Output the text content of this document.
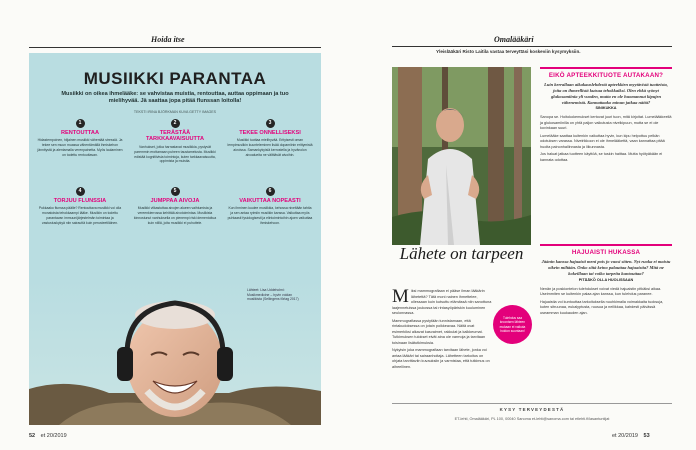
Hoida itse
MUSIIKKI PARANTAA
Musiikki on oikea ihmelääke: se vahvistaa muistia, rentouttaa, auttaa oppimaan ja tuo mielihyvää. Jä saattaa jopa pitää flunssan loitolla!
TEKSTI IRINA BJÖRKMAN KUVA GETTY IMAGES
1
RENTOUTTAA
Hidastempoinen, hiljainen musiikki vähentää stressiä. Ja tekee sen muun muassa vähentämällä ihmiskehon jännitystä ja alentamalla verenpainetta. Myös laulaminen on todettu rentouttavan.
2
TERÄSTÄÄ TARKKAAVAISUUTTA
Vanhukset, jotka harrastavat musiikkia, pystyvät paremmin erottamaan puheen taustamelusta. Musiikki edistää kognitiivisia toimintoja, kuten tarkkaavaisuutta, oppimista ja muistia.
3
TEKEE ONNELLISEKSI
Musiikki tuottaa mielihyvää. Erityisesti oman lempimusiikin kuunteleminen lisää dopamiinin erittymistä aivoissa. Samankykyisiä kerrostella ja hyvänolon aivoalueita ne välittävät aivoihin.
4
TORJUU FLUNSSIA
Pukkaako flunssa päälle? Rentouttava musiikki voi olla monatoista tehokkaampi lääke. Musiikin on todettu parantavan immuunijärjestelmän toimintaa ja vastustuskykyä niin sairauttä kuin perusteetiläinen.
5
JUMPPAA AIVOJA
Musiikki vilkastuttaa aivojen alueen vaihtumista ja vereenkierrossa kehittää aivotoimintaa. Musiikista kinnostunut vanhuksella on pienempi riski dementoitua kuin niillä, joita musiikki ei puhuttele.
6
VAIKUTTAA NOPEASTI
Kun ihminen kuulee musiikkia, kehossa niveltään tahtia ja sen antaa rytmiin musiikin kanssa. Vaikuttaa myös puhtaasti fysiologisesti ja elintoimintoihin ajoen vaikuttaa ihmiskehoon.
Lähteet: Lisa Uddeholmi: Musikmedicine – hyvin voidan musiikista (Sellingens förlag 2017)
52 et 20/2019
Omalääkäri
Yleislääkäri Risto Laitila vastaa terveyttäsi koskeviin kysymyksiin.
Lähete on tarpeen

Miksi mammografiaan ei pääse ilman lääkärin lähetettä? Tätä moni nainen ihmettelee, ollessaan kuin kutsuttu elämässä niin sanottuna laajennetuissa joukossa tai rintasyöpäriskin kuuluminen seulonnassa.

Mammografiassa pystytään tunnistamaan, että rintakudoksessa on jotain poikkeavaa. Näitä ovat esimerkiksi alkavat kasvaimet, rakkulat ja kalkkeumat. Tutkimuksen tulokset eivät aina ole varmoja ja tarvitaan toisinaan lisätutkimuksia.

Nykyisin joka mammografiaan tarvitaan lähete, jonka voi antaa lääkäri tai sairaanhoitaja. Lähetteen tarkoitus on ohjata tarvittaviin kuvauksiin ja varmistaa, että tutkimus on aiheellinen.

Tulehdus saa kroonisen lähteen mukaan ei vaikuta hoidon suuntaan!
EIKÖ APTEEKKITUOTE AUTAKAAN?
Luin kerrallaan aikakauslehdestä apteekkien myytävistä tuotteista, joita on ihmeellistä kutsua tehokkaiksi. Olen ehkä syönyt glukosamiinia yli vuoden, mutta en ole huomannut kipujen vähenemistä. Kannattaako minun jatkaa näitä?
SINIKUKKA

Sanopa se. Hoitokokemukset kertovat juuri tuon, mitä kirjoitat. Lumelääkkeellä ja glukosamiinilla on yhtä paljon vaikutusta nivelkipuun, mutta se ei ole kovinkaan suuri.

Lumelääke saattaa kuitenkin vaikuttaa hyvin, kun kipu helpottuu pelkän odotuksen varassa. Nivelrikkoon ei ole ihmelääkettä, vaan kannattaa pitää huolta painonhallinnasta ja liikunnasta.

Jos haluat jatkaa tuotteen käyttöä, se tuskin haittaa. Mutta hyötyäkään ei kannata odottaa.

HAJUAISTI HUKASSA
Jäänin kanssa hajuaisti meni pois jo vuosi sitten. Nyt ruoka ei maistu oikein miltään. Onko siitä keino palauttaa hajuaistia? Mitä ne kokeillaan tai voiko tarpeita kuntouttaa?
PITÄÄKÖ OLLA HUOLISSAAN

Nenän ja poskiontelon tulehdukset voivat viedä hajuaistin pitkäksi aikaa. Useimmiten se kuitenkin palaa ajan kanssa, kun tulehdus paranee.

Hajuaistia voi kuntouttaa tarkoituksella nuuhkimalla voimakkaita tuoksuja, kuten sitruunaa, eukalyptusta, ruusua ja neilikkaa, kahdesti päivässä useamman kuukauden ajan.

KYSY TERVEYDESTÄ
ET-lehti, Omalääkäri, PL 100, 00040 Sanoma et-lehti@sanoma.com tai etlehti.fi/lasantuntijat
et 20/2019 53
